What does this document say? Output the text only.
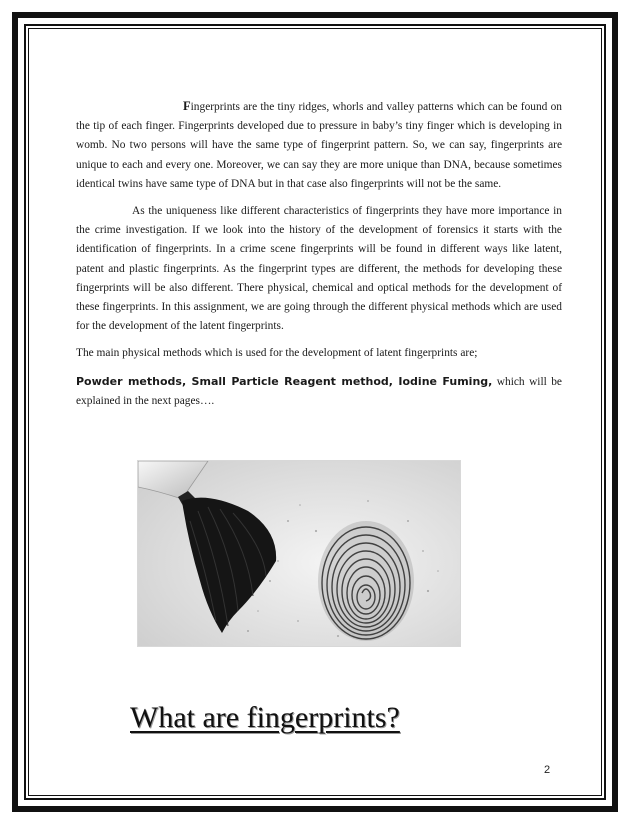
Fingerprints are the tiny ridges, whorls and valley patterns which can be found on the tip of each finger. Fingerprints developed due to pressure in baby’s tiny finger which is developing in womb. No two persons will have the same type of fingerprint pattern. So, we can say, fingerprints are unique to each and every one. Moreover, we can say they are more unique than DNA, because sometimes identical twins have same type of DNA but in that case also fingerprints will not be the same.

As the uniqueness like different characteristics of fingerprints they have more importance in the crime investigation. If we look into the history of the development of forensics it starts with the identification of fingerprints. In a crime scene fingerprints will be found in different ways like latent, patent and plastic fingerprints. As the fingerprint types are different, the methods for developing these fingerprints will be also different. There physical, chemical and optical methods for the development of these fingerprints. In this assignment, we are going through the different physical methods which are used for the development of the latent fingerprints.

The main physical methods which is used for the development of latent fingerprints are;

Powder methods, Small Particle Reagent method, Iodine Fuming, which will be explained in the next pages….

What are fingerprints?
2
